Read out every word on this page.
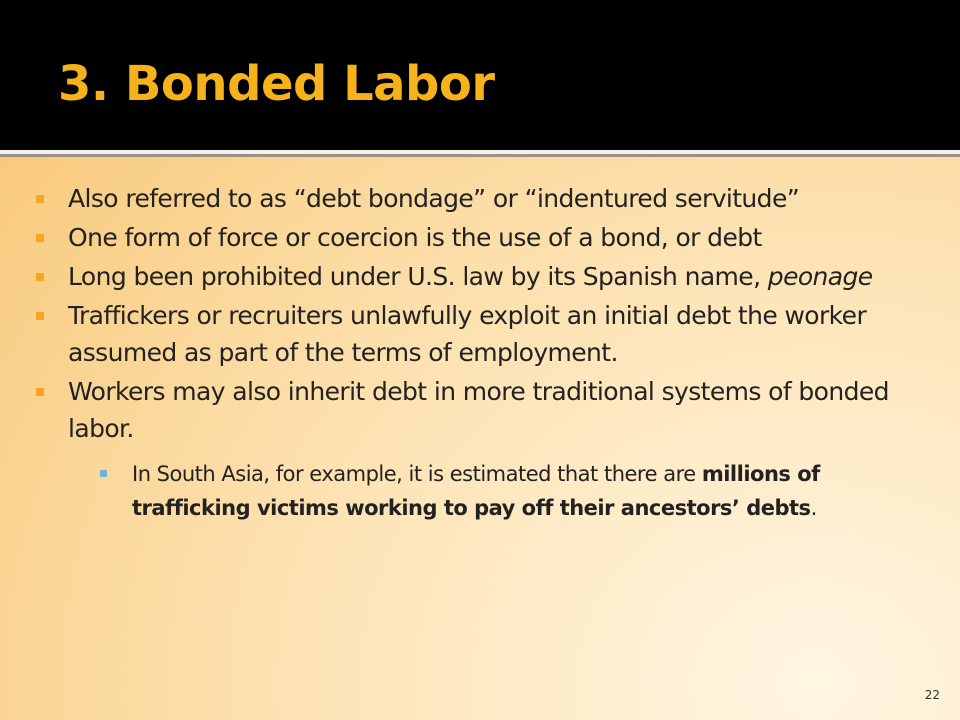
3. Bonded Labor
Also referred to as “debt bondage” or “indentured servitude”
One form of force or coercion is the use of a bond, or debt
Long been prohibited under U.S. law by its Spanish name, peonage
Traffickers or recruiters unlawfully exploit an initial debt the worker assumed as part of the terms of employment.
Workers may also inherit debt in more traditional systems of bonded labor.
In South Asia, for example, it is estimated that there are millions of trafficking victims working to pay off their ancestors’ debts.
22
